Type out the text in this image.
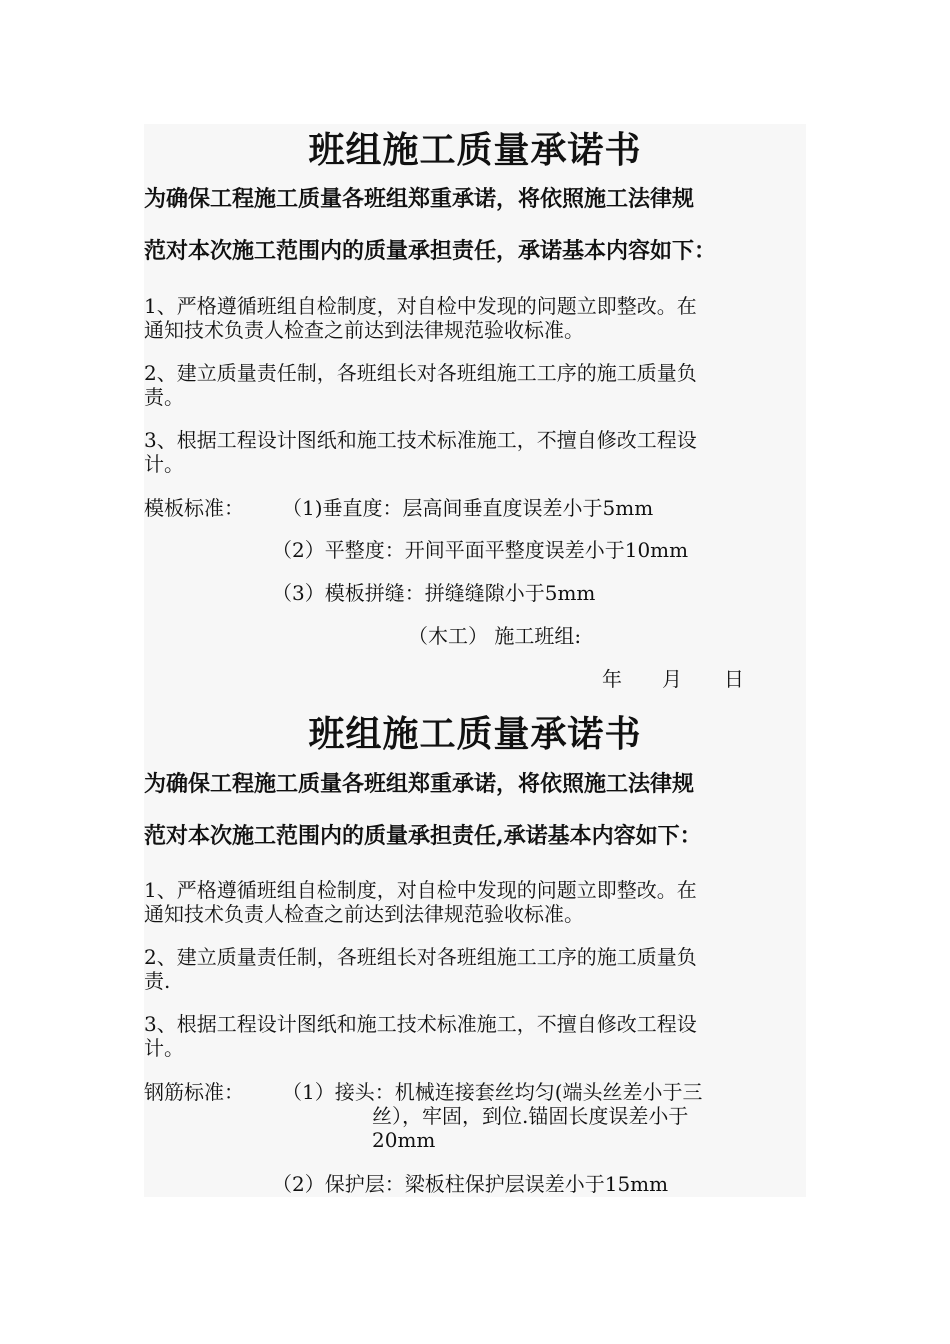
班组施工质量承诺书
为确保工程施工质量各班组郑重承诺，将依照施工法律规
范对本次施工范围内的质量承担责任，承诺基本内容如下：
1、严格遵循班组自检制度，对自检中发现的问题立即整改。在
通知技术负责人检查之前达到法律规范验收标准。
2、建立质量责任制，各班组长对各班组施工工序的施工质量负
责。
3、根据工程设计图纸和施工技术标准施工，不擅自修改工程设
计。
模板标准： （1)垂直度：层高间垂直度误差小于5mm
（2）平整度：开间平面平整度误差小于10mm
（3）模板拼缝：拼缝缝隙小于5mm
（木工） 施工班组:
年 月 日
班组施工质量承诺书
为确保工程施工质量各班组郑重承诺，将依照施工法律规
范对本次施工范围内的质量承担责任,承诺基本内容如下：
1、严格遵循班组自检制度，对自检中发现的问题立即整改。在
通知技术负责人检查之前达到法律规范验收标准。
2、建立质量责任制，各班组长对各班组施工工序的施工质量负
责.
3、根据工程设计图纸和施工技术标准施工，不擅自修改工程设
计。
钢筋标准： （1）接头：机械连接套丝均匀(端头丝差小于三
丝），牢固，到位.锚固长度误差小于
20mm
（2）保护层：梁板柱保护层误差小于15mm
